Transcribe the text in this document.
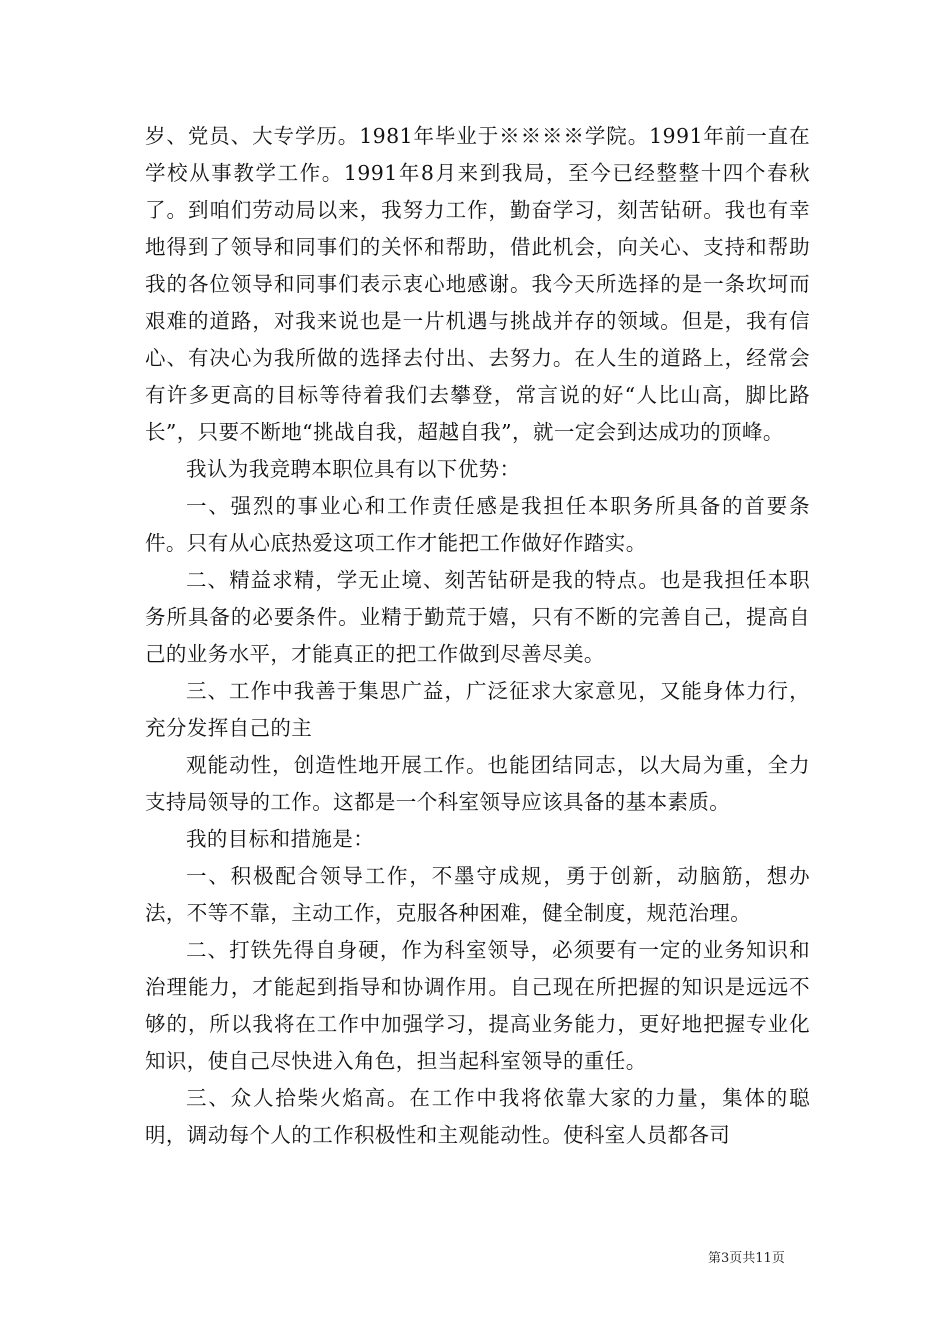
岁、党员、大专学历。1981年毕业于※※※※学院。1991年前一直在学校从事教学工作。1991年8月来到我局，至今已经整整十四个春秋了。到咱们劳动局以来，我努力工作，勤奋学习，刻苦钻研。我也有幸地得到了领导和同事们的关怀和帮助，借此机会，向关心、支持和帮助我的各位领导和同事们表示衷心地感谢。我今天所选择的是一条坎坷而艰难的道路，对我来说也是一片机遇与挑战并存的领域。但是，我有信心、有决心为我所做的选择去付出、去努力。在人生的道路上，经常会有许多更高的目标等待着我们去攀登，常言说的好“人比山高，脚比路长”，只要不断地“挑战自我，超越自我”，就一定会到达成功的顶峰。

我认为我竞聘本职位具有以下优势：

一、强烈的事业心和工作责任感是我担任本职务所具备的首要条件。只有从心底热爱这项工作才能把工作做好作踏实。

二、精益求精，学无止境、刻苦钻研是我的特点。也是我担任本职务所具备的必要条件。业精于勤荒于嬉，只有不断的完善自己，提高自己的业务水平，才能真正的把工作做到尽善尽美。

三、工作中我善于集思广益，广泛征求大家意见，又能身体力行，充分发挥自己的主

观能动性，创造性地开展工作。也能团结同志，以大局为重，全力支持局领导的工作。这都是一个科室领导应该具备的基本素质。

我的目标和措施是：

一、积极配合领导工作，不墨守成规，勇于创新，动脑筋，想办法，不等不靠，主动工作，克服各种困难，健全制度，规范治理。

二、打铁先得自身硬，作为科室领导，必须要有一定的业务知识和治理能力，才能起到指导和协调作用。自己现在所把握的知识是远远不够的，所以我将在工作中加强学习，提高业务能力，更好地把握专业化知识，使自己尽快进入角色，担当起科室领导的重任。

三、众人拾柴火焰高。在工作中我将依靠大家的力量，集体的聪明，调动每个人的工作积极性和主观能动性。使科室人员都各司

第3页共11页
